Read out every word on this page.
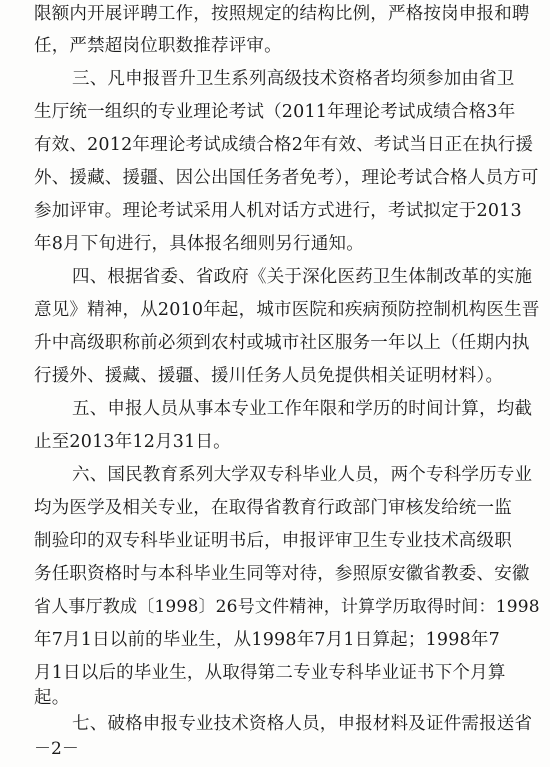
限额内开展评聘工作，按照规定的结构比例，严格按岗申报和聘
任，严禁超岗位职数推荐评审。
三、凡申报晋升卫生系列高级技术资格者均须参加由省卫
生厅统一组织的专业理论考试（2011年理论考试成绩合格3年
有效、2012年理论考试成绩合格2年有效、考试当日正在执行援
外、援藏、援疆、因公出国任务者免考），理论考试合格人员方可
参加评审。理论考试采用人机对话方式进行，考试拟定于2013
年8月下旬进行，具体报名细则另行通知。
四、根据省委、省政府《关于深化医药卫生体制改革的实施
意见》精神，从2010年起，城市医院和疾病预防控制机构医生晋
升中高级职称前必须到农村或城市社区服务一年以上（任期内执
行援外、援藏、援疆、援川任务人员免提供相关证明材料）。
五、申报人员从事本专业工作年限和学历的时间计算，均截
止至2013年12月31日。
六、国民教育系列大学双专科毕业人员，两个专科学历专业
均为医学及相关专业，在取得省教育行政部门审核发给统一监
制验印的双专科毕业证明书后，申报评审卫生专业技术高级职
务任职资格时与本科毕业生同等对待，参照原安徽省教委、安徽
省人事厅教成〔1998〕26号文件精神，计算学历取得时间：1998
年7月1日以前的毕业生，从1998年7月1日算起；1998年7
月1日以后的毕业生，从取得第二专业专科毕业证书下个月算
起。
七、破格申报专业技术资格人员，申报材料及证件需报送省
－2－
